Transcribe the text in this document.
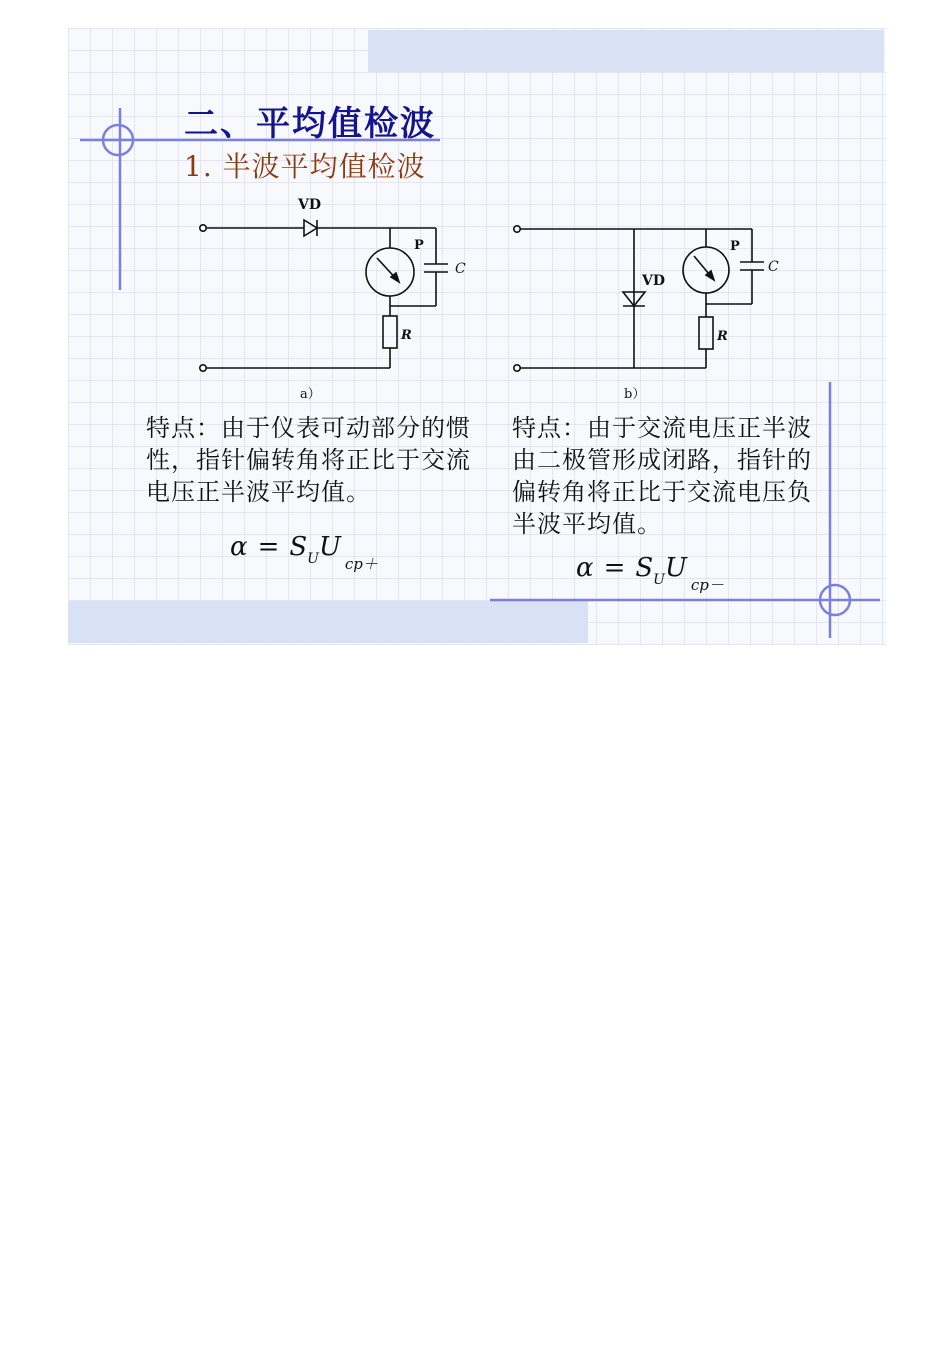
二、平均值检波
1. 半波平均值检波
VD
P
C
R
a）
VD
P
C
R
b）
特点：由于仪表可动部分的惯性，指针偏转角将正比于交流电压正半波平均值。
$\alpha = S_UU_{cp+}$
特点：由于交流电压正半波由二极管形成闭路，指针的偏转角将正比于交流电压负半波平均值。
$\alpha = S_UU_{cp-}$
